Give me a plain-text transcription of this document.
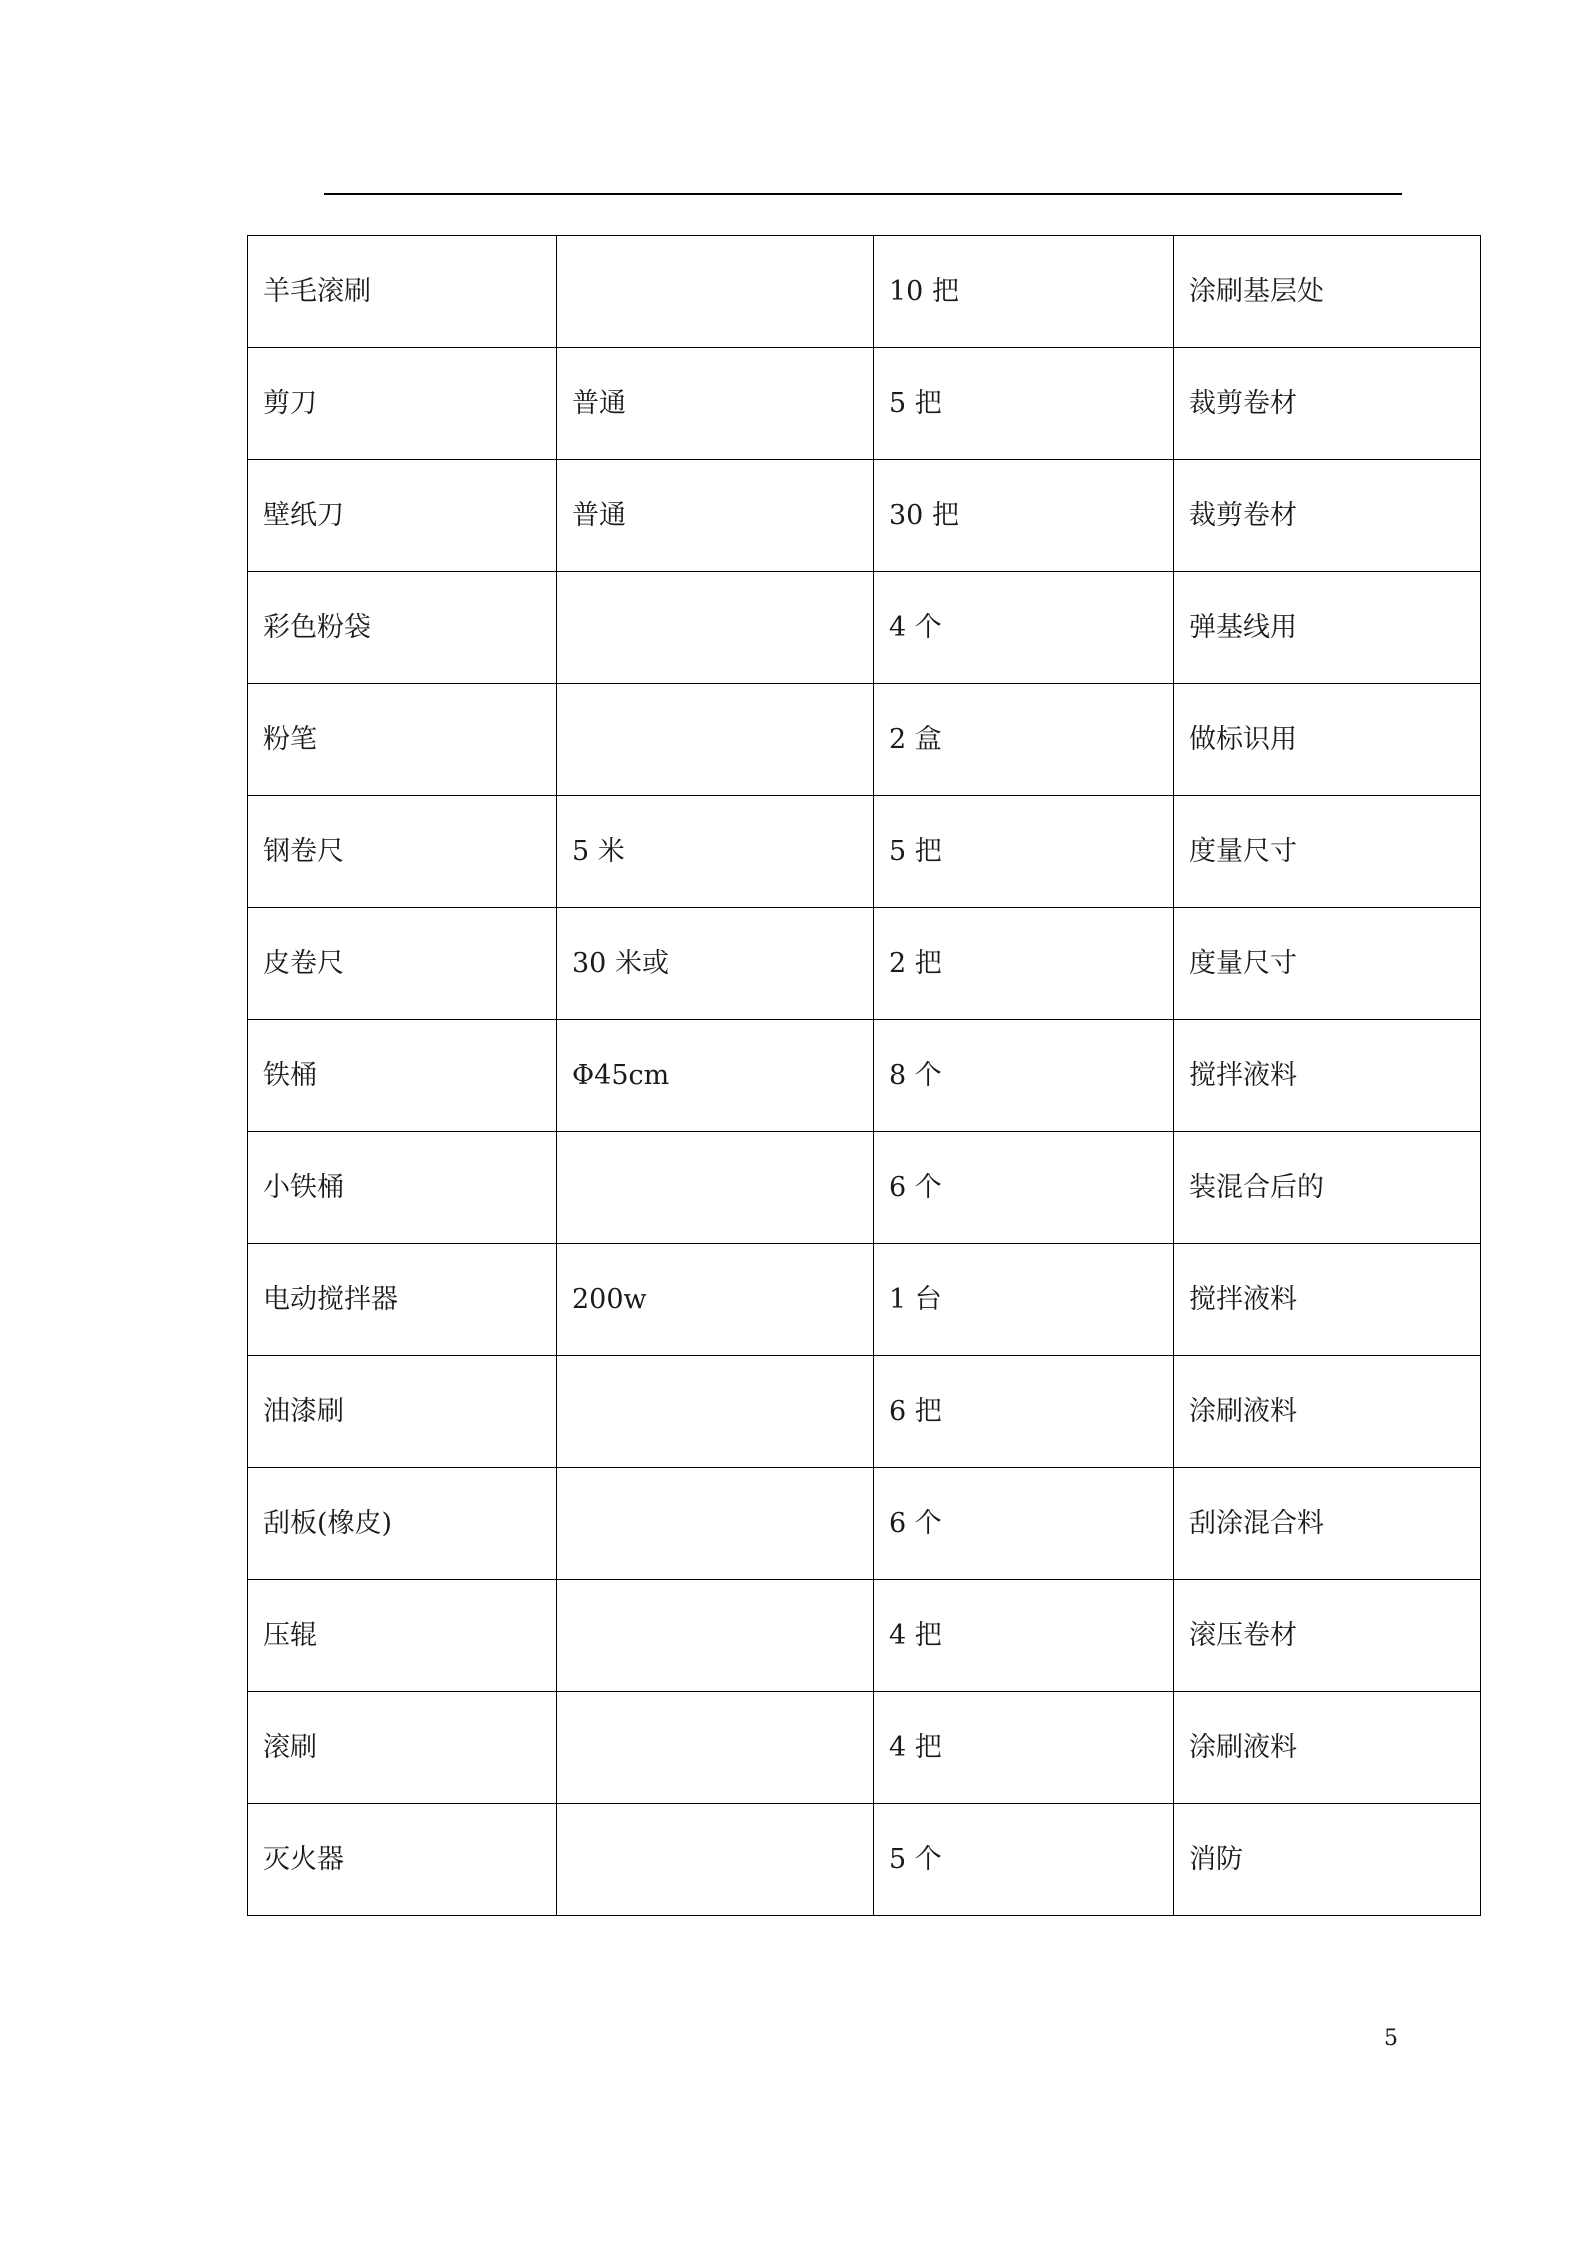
羊毛滚刷		10 把	涂刷基层处
剪刀	普通	5 把	裁剪卷材
壁纸刀	普通	30 把	裁剪卷材
彩色粉袋		4 个	弹基线用
粉笔		2 盒	做标识用
钢卷尺	5 米	5 把	度量尺寸
皮卷尺	30 米或	2 把	度量尺寸
铁桶	Φ45cm	8 个	搅拌液料
小铁桶		6 个	装混合后的
电动搅拌器	200w	1 台	搅拌液料
油漆刷		6 把	涂刷液料
刮板(橡皮)		6 个	刮涂混合料
压辊		4 把	滚压卷材
滚刷		4 把	涂刷液料
灭火器		5 个	消防
5
